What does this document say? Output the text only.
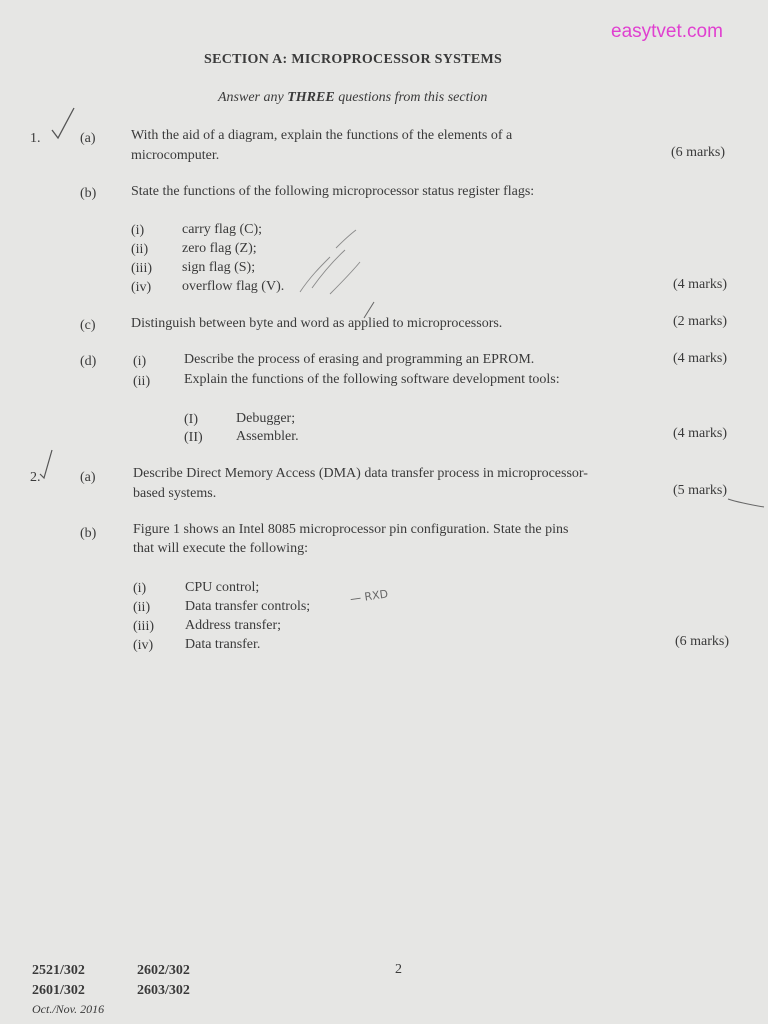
easytvet.com
SECTION A: MICROPROCESSOR SYSTEMS
Answer any THREE questions from this section
1.	(a)	With the aid of a diagram, explain the functions of the elements of a
microcomputer.	(6 marks)
(b) State the functions of the following microprocessor status register flags:
(i)	carry flag (C);
(ii) zero flag (Z);
(iii) sign flag (S);
(iv) overflow flag (V).	(4 marks)
(c)	Distinguish between byte and word as applied to microprocessors.	(2 marks)
(d)	(i)	Describe the process of erasing and programming an EPROM.	(4 marks)
(ii) Explain the functions of the following software development tools:
(I)	Debugger;
(II) Assembler.	(4 marks)
2.	(a)	Describe Direct Memory Access (DMA) data transfer process in microprocessor-
based systems.	(5 marks)
(b)	Figure 1 shows an Intel 8085 microprocessor pin configuration. State the pins
that will execute the following:
(i)	CPU control;
(ii) Data transfer controls;
(iii) Address transfer;
(iv) Data transfer.	(6 marks)
— RXD
2521/302	2602/302
2601/302	2603/302
2
Oct./Nov. 2016
